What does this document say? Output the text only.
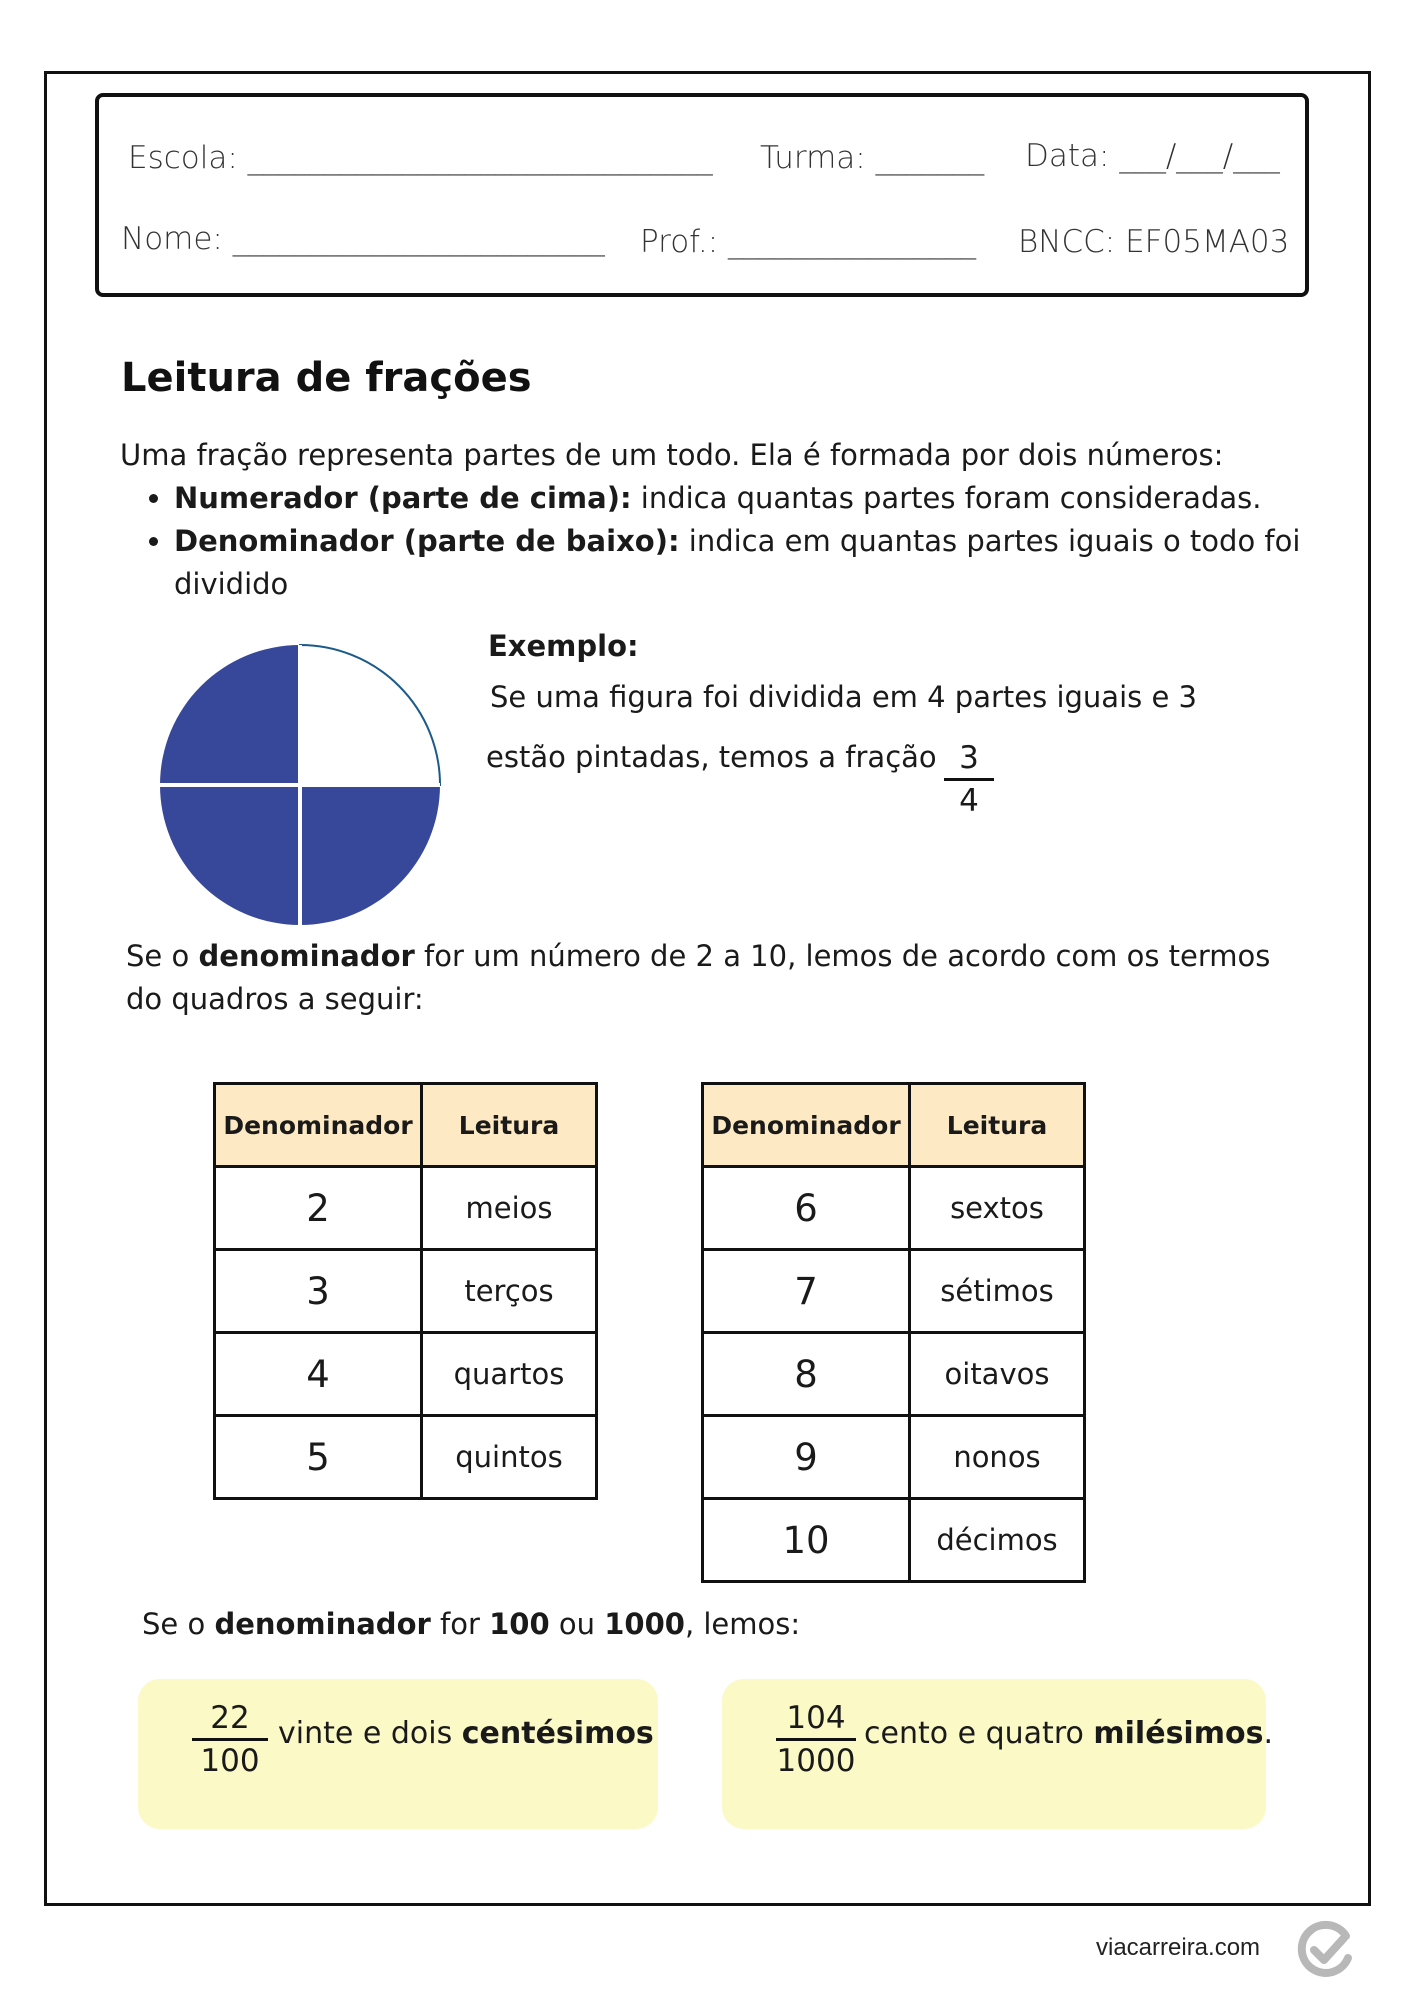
Escola: ______________________________ Turma: _______ Data: ___/___/___
Nome: ________________________ Prof.: ________________ BNCC: EF05MA03
Leitura de frações
Uma fração representa partes de um todo. Ela é formada por dois números:
• Numerador (parte de cima): indica quantas partes foram consideradas.
• Denominador (parte de baixo): indica em quantas partes iguais o todo foi dividido
Exemplo:
Se uma figura foi dividida em 4 partes iguais e 3
estão pintadas, temos a fração $\frac{3}{4}$
Se o denominador for um número de 2 a 10, lemos de acordo com os termos do quadros a seguir:
Denominador	Leitura
2	meios
3	terços
4	quartos
5	quintos
Denominador	Leitura
6	sextos
7	sétimos
8	oitavos
9	nonos
10	décimos
Se o denominador for 100 ou 1000, lemos:
$\frac{22}{100}$ vinte e dois centésimos	$\frac{104}{1000}$ cento e quatro milésimos.
viacarreira.com
